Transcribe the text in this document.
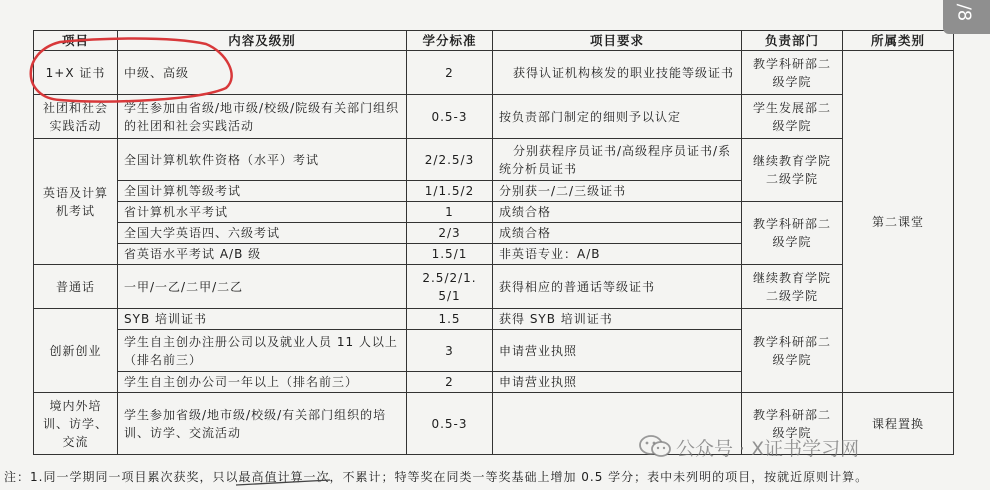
项目	内容及级别	学分标准	项目要求	负责部门	所属类别
1+X 证书	中级、高级	2	获得认证机构核发的职业技能等级证书	教学科研部二级学院	第二课堂
社团和社会实践活动	学生参加由省级/地市级/校级/院级有关部门组织的社团和社会实践活动	0.5-3	按负责部门制定的细则予以认定	学生发展部二级学院	
英语及计算机考试	全国计算机软件资格（水平）考试	2/2.5/3	分别获程序员证书/高级程序员证书/系统分析员证书	继续教育学院二级学院	
	全国计算机等级考试	1/1.5/2	分别获一/二/三级证书		
	省计算机水平考试	1	成绩合格	教学科研部二级学院	
	全国大学英语四、六级考试	2/3	成绩合格		
	省英语水平考试 A/B 级	1.5/1	非英语专业：A/B		
普通话	一甲/一乙/二甲/二乙	2.5/2/1.5/1	获得相应的普通话等级证书	继续教育学院二级学院	
创新创业	SYB 培训证书	1.5	获得 SYB 培训证书	教学科研部二级学院	
	学生自主创办注册公司以及就业人员 11 人以上（排名前三）	3	申请营业执照		
	学生自主创办公司一年以上（排名前三）	2	申请营业执照		
境内外培训、访学、交流	学生参加省级/地市级/校级/有关部门组织的培训、访学、交流活动	0.5-3		教学科研部二级学院	课程置换
注：1.同一学期同一项目累次获奖，只以最高值计算一次，不累计；特等奖在同类一等奖基础上增加 0.5 学分；表中未列明的项目，按就近原则计算。
/8
公众号 · X证书学习网
